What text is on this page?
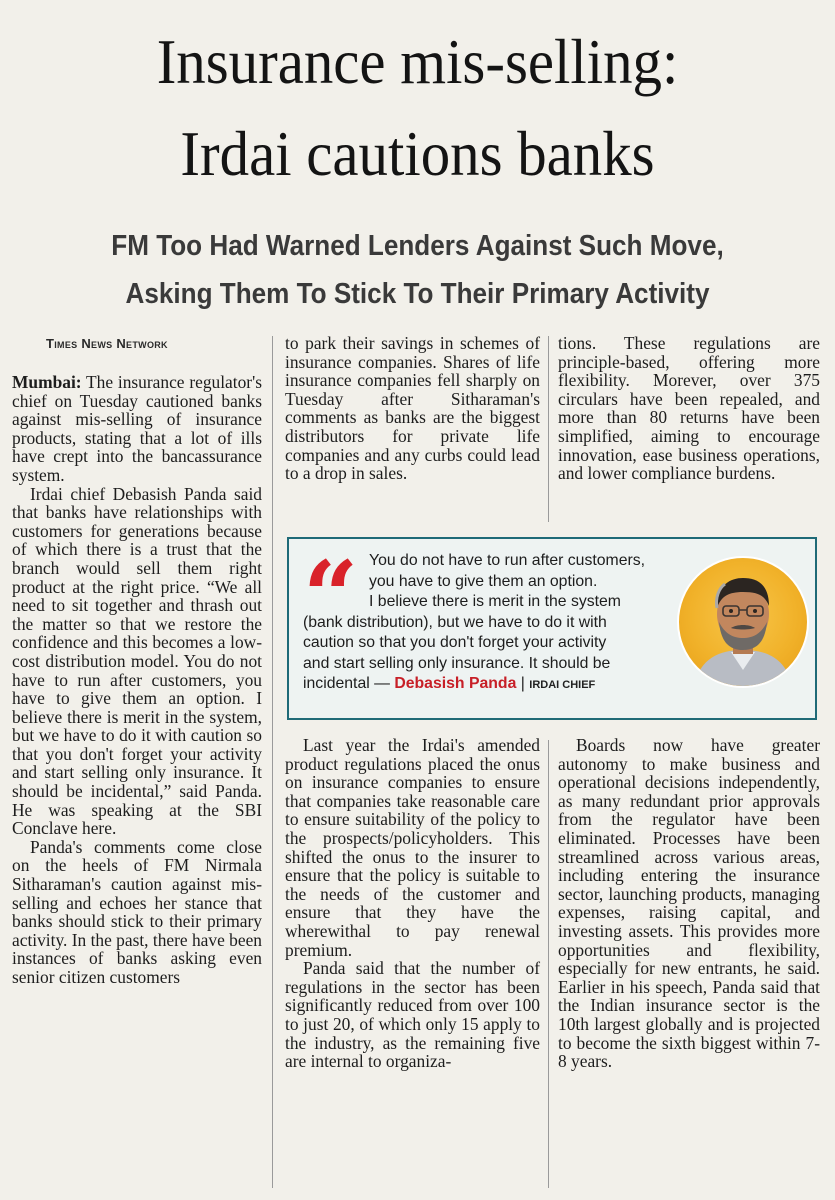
Insurance mis-selling:
Irdai cautions banks
FM Too Had Warned Lenders Against Such Move,
Asking Them To Stick To Their Primary Activity
Times News Network

Mumbai: The insurance regulator's chief on Tuesday cautioned banks against mis-selling of insurance products, stating that a lot of ills have crept into the bancassurance system.

Irdai chief Debasish Panda said that banks have relationships with customers for generations because of which there is a trust that the branch would sell them right product at the right price. “We all need to sit together and thrash out the matter so that we restore the confidence and this becomes a low-cost distribution model. You do not have to run after customers, you have to give them an option. I believe there is merit in the system, but we have to do it with caution so that you don't forget your activity and start selling only insurance. It should be incidental,” said Panda. He was speaking at the SBI Conclave here.

Panda's comments come close on the heels of FM Nirmala Sitharaman's caution against mis-selling and echoes her stance that banks should stick to their primary activity. In the past, there have been instances of banks asking even senior citizen customers

to park their savings in schemes of insurance companies. Shares of life insurance companies fell sharply on Tuesday after Sitharaman's comments as banks are the biggest distributors for private life companies and any curbs could lead to a drop in sales.

tions. These regulations are principle-based, offering more flexibility. Morever, over 375 circulars have been repealed, and more than 80 returns have been simplified, aiming to encourage innovation, ease business operations, and lower compliance burdens.

“ You do not have to run after customers,
you have to give them an option.
I believe there is merit in the system
(bank distribution), but we have to do it with
caution so that you don't forget your activity
and start selling only insurance. It should be
incidental — Debasish Panda | IRDAI CHIEF

Last year the Irdai's amended product regulations placed the onus on insurance companies to ensure that companies take reasonable care to ensure suitability of the policy to the prospects/policyholders. This shifted the onus to the insurer to ensure that the policy is suitable to the needs of the customer and ensure that they have the wherewithal to pay renewal premium.

Panda said that the number of regulations in the sector has been significantly reduced from over 100 to just 20, of which only 15 apply to the industry, as the remaining five are internal to organiza-

Boards now have greater autonomy to make business and operational decisions independently, as many redundant prior approvals from the regulator have been eliminated. Processes have been streamlined across various areas, including entering the insurance sector, launching products, managing expenses, raising capital, and investing assets. This provides more opportunities and flexibility, especially for new entrants, he said. Earlier in his speech, Panda said that the Indian insurance sector is the 10th largest globally and is projected to become the sixth biggest within 7-8 years.
